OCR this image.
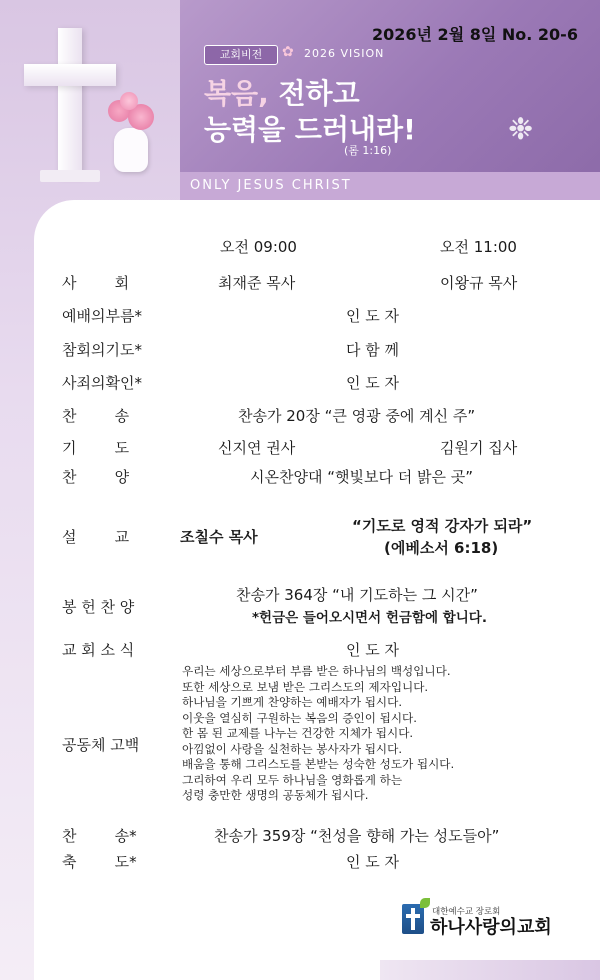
ONLY JESUS CHRIST
2026년 2월 8일 No. 20-6
교회비전	✿ 2026 VISION
복음, 전하고
능력을 드러내라!
(롬 1:16)
❉
오전 09:00	오전 11:00
사        회	최재준 목사	이왕규 목사
예배의부름*	인 도 자
참회의기도*	다 함 께
사죄의확인*	인 도 자
찬        송	찬송가 20장 “큰 영광 중에 계신 주”
기        도	신지연 권사	김원기 집사
찬        양	시온찬양대 “햇빛보다 더 밝은 곳”
설        교	조칠수 목사
“기도로 영적 강자가 되라”
(에베소서 6:18)
봉 헌 찬 양
찬송가 364장 “내 기도하는 그 시간”
*헌금은 들어오시면서 헌금함에 합니다.
교 회 소 식	인 도 자
공동체 고백
우리는 세상으로부터 부름 받은 하나님의 백성입니다.
또한 세상으로 보냄 받은 그리스도의 제자입니다.
하나님을 기쁘게 찬양하는 예배자가 됩시다.
이웃을 열심히 구원하는 복음의 증인이 됩시다.
한 몸 된 교제를 나누는 건강한 지체가 됩시다.
아낌없이 사랑을 실천하는 봉사자가 됩시다.
배움을 통해 그리스도를 본받는 성숙한 성도가 됩시다.
그리하여 우리 모두 하나님을 영화롭게 하는
성령 충만한 생명의 공동체가 됩시다.
찬        송*	찬송가 359장 “천성을 향해 가는 성도들아”
축        도*	인 도 자
대한예수교 장로회
하나사랑의교회
